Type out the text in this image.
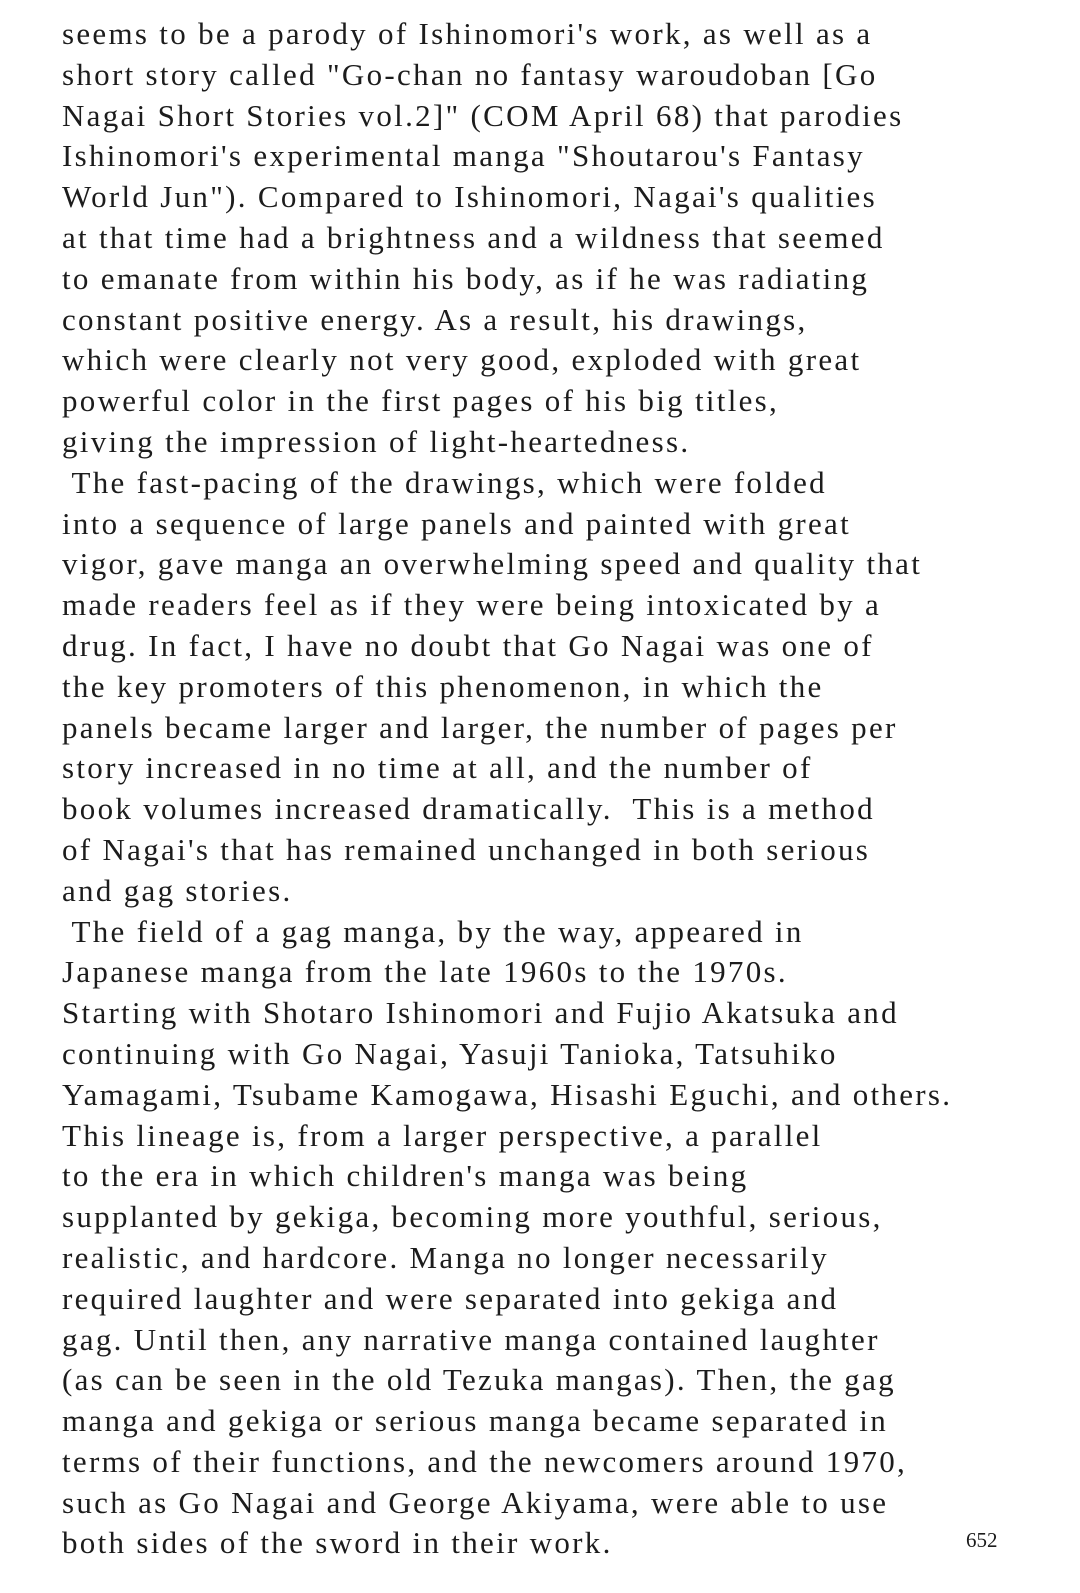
seems to be a parody of Ishinomori's work, as well as a
short story called "Go-chan no fantasy waroudoban [Go
Nagai Short Stories vol.2]" (COM April 68) that parodies
Ishinomori's experimental manga "Shoutarou's Fantasy
World Jun"). Compared to Ishinomori, Nagai's qualities
at that time had a brightness and a wildness that seemed
to emanate from within his body, as if he was radiating
constant positive energy. As a result, his drawings,
which were clearly not very good, exploded with great
powerful color in the first pages of his big titles,
giving the impression of light-heartedness.
The fast-pacing of the drawings, which were folded
into a sequence of large panels and painted with great
vigor, gave manga an overwhelming speed and quality that
made readers feel as if they were being intoxicated by a
drug. In fact, I have no doubt that Go Nagai was one of
the key promoters of this phenomenon, in which the
panels became larger and larger, the number of pages per
story increased in no time at all, and the number of
book volumes increased dramatically.  This is a method
of Nagai's that has remained unchanged in both serious
and gag stories.
The field of a gag manga, by the way, appeared in
Japanese manga from the late 1960s to the 1970s.
Starting with Shotaro Ishinomori and Fujio Akatsuka and
continuing with Go Nagai, Yasuji Tanioka, Tatsuhiko
Yamagami, Tsubame Kamogawa, Hisashi Eguchi, and others.
This lineage is, from a larger perspective, a parallel
to the era in which children's manga was being
supplanted by gekiga, becoming more youthful, serious,
realistic, and hardcore. Manga no longer necessarily
required laughter and were separated into gekiga and
gag. Until then, any narrative manga contained laughter
(as can be seen in the old Tezuka mangas). Then, the gag
manga and gekiga or serious manga became separated in
terms of their functions, and the newcomers around 1970,
such as Go Nagai and George Akiyama, were able to use
both sides of the sword in their work.	652
